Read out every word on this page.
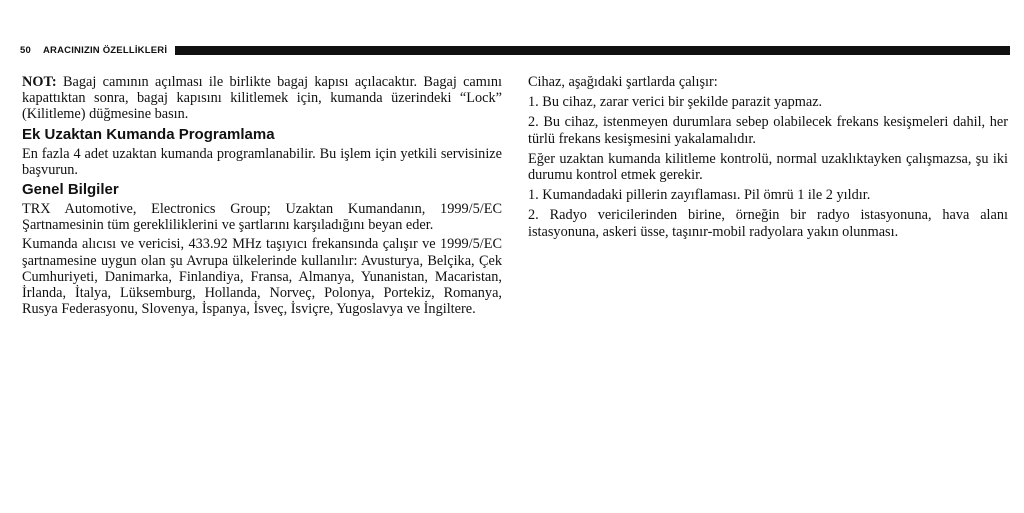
50 ARACINIZIN ÖZELLİKLERİ

NOT: Bagaj camının açılması ile birlikte bagaj kapısı açılacaktır. Bagaj camını kapattıktan sonra, bagaj kapısını kilitlemek için, kumanda üzerindeki “Lock” (Kilitleme) düğmesine basın.

Ek Uzaktan Kumanda Programlama

En fazla 4 adet uzaktan kumanda programlanabilir. Bu işlem için yetkili servisinize başvurun.

Genel Bilgiler

TRX Automotive, Electronics Group; Uzaktan Kumandanın, 1999/5/EC Şartnamesinin tüm gerekliliklerini ve şartlarını karşıladığını beyan eder.

Kumanda alıcısı ve vericisi, 433.92 MHz taşıyıcı frekansında çalışır ve 1999/5/EC şartnamesine uygun olan şu Avrupa ülkelerinde kullanılır: Avusturya, Belçika, Çek Cumhuriyeti, Danimarka, Finlandiya, Fransa, Almanya, Yunanistan, Macaristan, İrlanda, İtalya, Lüksemburg, Hollanda, Norveç, Polonya, Portekiz, Romanya, Rusya Federasyonu, Slovenya, İspanya, İsveç, İsviçre, Yugoslavya ve İngiltere.

Cihaz, aşağıdaki şartlarda çalışır:

1. Bu cihaz, zarar verici bir şekilde parazit yapmaz.

2. Bu cihaz, istenmeyen durumlara sebep olabilecek frekans kesişmeleri dahil, her türlü frekans kesişmesini yakalamalıdır.

Eğer uzaktan kumanda kilitleme kontrolü, normal uzaklıktayken çalışmazsa, şu iki durumu kontrol etmek gerekir.

1. Kumandadaki pillerin zayıflaması. Pil ömrü 1 ile 2 yıldır.

2. Radyo vericilerinden birine, örneğin bir radyo istasyonuna, hava alanı istasyonuna, askeri üsse, taşınır-mobil radyolara yakın olunması.
